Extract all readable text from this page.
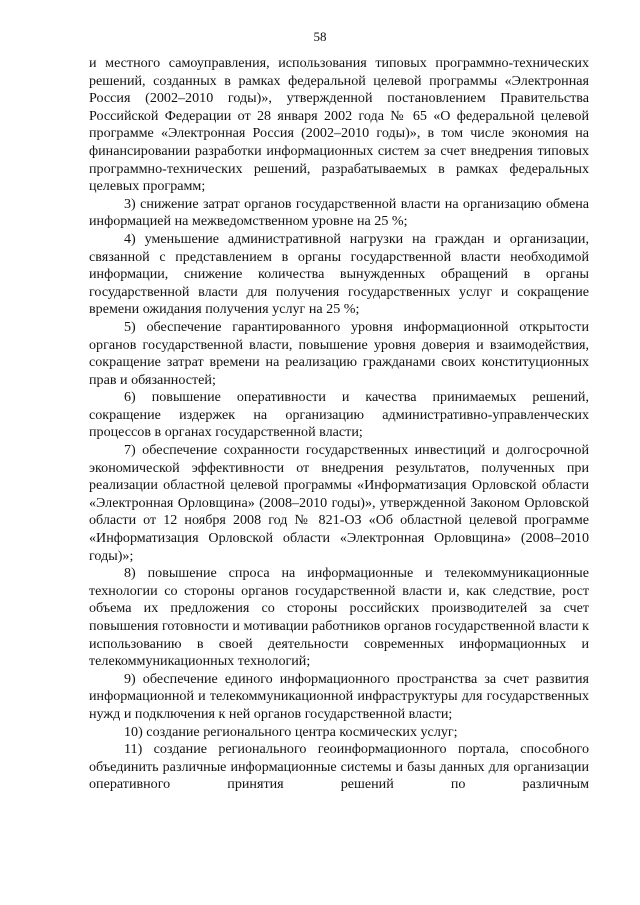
58

и местного самоуправления, использования типовых программно-технических решений, созданных в рамках федеральной целевой программы «Электронная Россия (2002–2010 годы)», утвержденной постановлением Правительства Российской Федерации от 28 января 2002 года № 65 «О федеральной целевой программе «Электронная Россия (2002–2010 годы)», в том числе экономия на финансировании разработки информационных систем за счет внедрения типовых программно-технических решений, разрабатываемых в рамках федеральных целевых программ;

3) снижение затрат органов государственной власти на организацию обмена информацией на межведомственном уровне на 25 %;

4) уменьшение административной нагрузки на граждан и организации, связанной с представлением в органы государственной власти необходимой информации, снижение количества вынужденных обращений в органы государственной власти для получения государственных услуг и сокращение времени ожидания получения услуг на 25 %;

5) обеспечение гарантированного уровня информационной открытости органов государственной власти, повышение уровня доверия и взаимодействия, сокращение затрат времени на реализацию гражданами своих конституционных прав и обязанностей;

6) повышение оперативности и качества принимаемых решений, сокращение издержек на организацию административно-управленческих процессов в органах государственной власти;

7) обеспечение сохранности государственных инвестиций и долгосрочной экономической эффективности от внедрения результатов, полученных при реализации областной целевой программы «Информатизация Орловской области «Электронная Орловщина» (2008–2010 годы)», утвержденной Законом Орловской области от 12 ноября 2008 год № 821-ОЗ «Об областной целевой программе «Информатизация Орловской области «Электронная Орловщина» (2008–2010 годы)»;

8) повышение спроса на информационные и телекоммуникационные технологии со стороны органов государственной власти и, как следствие, рост объема их предложения со стороны российских производителей за счет повышения готовности и мотивации работников органов государственной власти к использованию в своей деятельности современных информационных и телекоммуникационных технологий;

9) обеспечение единого информационного пространства за счет развития информационной и телекоммуникационной инфраструктуры для государственных нужд и подключения к ней органов государственной власти;

10) создание регионального центра космических услуг;

11) создание регионального геоинформационного портала, способного объединить различные информационные системы и базы данных для организации оперативного принятия решений по различным
